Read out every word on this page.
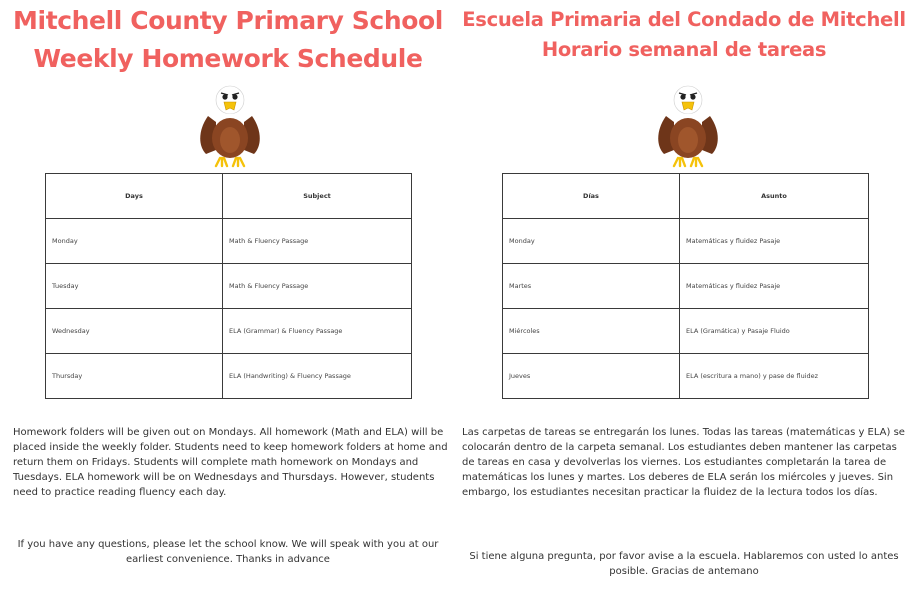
Mitchell County Primary School
Weekly Homework Schedule
Days	Subject
Monday	Math & Fluency Passage
Tuesday	Math & Fluency Passage
Wednesday	ELA (Grammar) & Fluency Passage
Thursday	ELA (Handwriting) & Fluency Passage

Homework folders will be given out on Mondays. All homework (Math and ELA) will be placed inside the weekly folder. Students need to keep homework folders at home and return them on Fridays. Students will complete math homework on Mondays and Tuesdays. ELA homework will be on Wednesdays and Thursdays. However, students need to practice reading fluency each day.

If you have any questions, please let the school know. We will speak with you at our earliest convenience. Thanks in advance

Escuela Primaria del Condado de Mitchell
Horario semanal de tareas
Días	Asunto
Monday	Matemáticas y fluidez Pasaje
Martes	Matemáticas y fluidez Pasaje
Miércoles	ELA (Gramática) y Pasaje Fluido
Jueves	ELA (escritura a mano) y pase de fluidez

Las carpetas de tareas se entregarán los lunes. Todas las tareas (matemáticas y ELA) se colocarán dentro de la carpeta semanal. Los estudiantes deben mantener las carpetas de tareas en casa y devolverlas los viernes. Los estudiantes completarán la tarea de matemáticas los lunes y martes. Los deberes de ELA serán los miércoles y jueves. Sin embargo, los estudiantes necesitan practicar la fluidez de la lectura todos los días.

Si tiene alguna pregunta, por favor avise a la escuela. Hablaremos con usted lo antes posible. Gracias de antemano
